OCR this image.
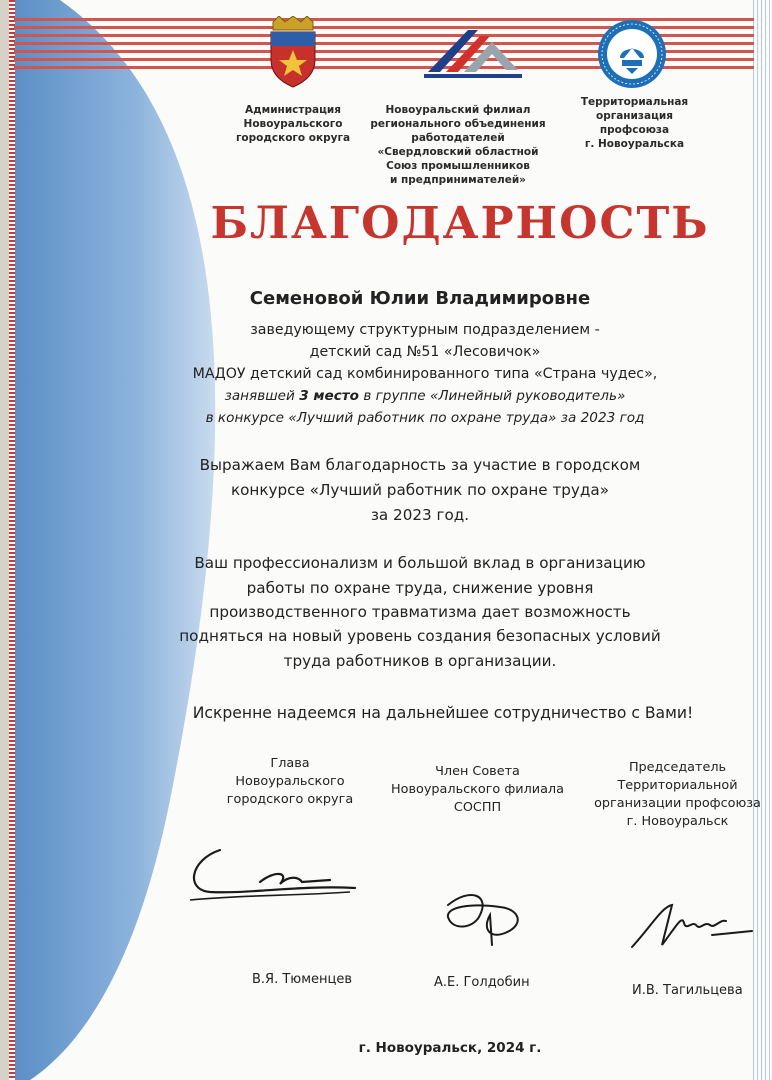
Администрация
Новоуральского
городского округа
Новоуральский филиал
регионального объединения
работодателей
«Свердловский областной
Союз промышленников
и предпринимателей»
Территориальная
организация профсоюза
г. Новоуральска
БЛАГОДАРНОСТЬ
Семеновой Юлии Владимировне
заведующему структурным подразделением -
детский сад №51 «Лесовичок»
МАДОУ детский сад комбинированного типа «Страна чудес»,
занявшей 3 место в группе «Линейный руководитель»
в конкурсе «Лучший работник по охране труда» за 2023 год
Выражаем Вам благодарность за участие в городском
конкурсе «Лучший работник по охране труда»
за 2023 год.
Ваш профессионализм и большой вклад в организацию
работы по охране труда, снижение уровня
производственного травматизма дает возможность
подняться на новый уровень создания безопасных условий
труда работников в организации.
Искренне надеемся на дальнейшее сотрудничество с Вами!
Глава
Новоуральского
городского округа
Член Совета
Новоуральского филиала
СОСПП
Председатель
Территориальной
организации профсоюза
г. Новоуральск
В.Я. Тюменцев	А.Е. Голдобин
И.В. Тагильцева
г. Новоуральск, 2024 г.
